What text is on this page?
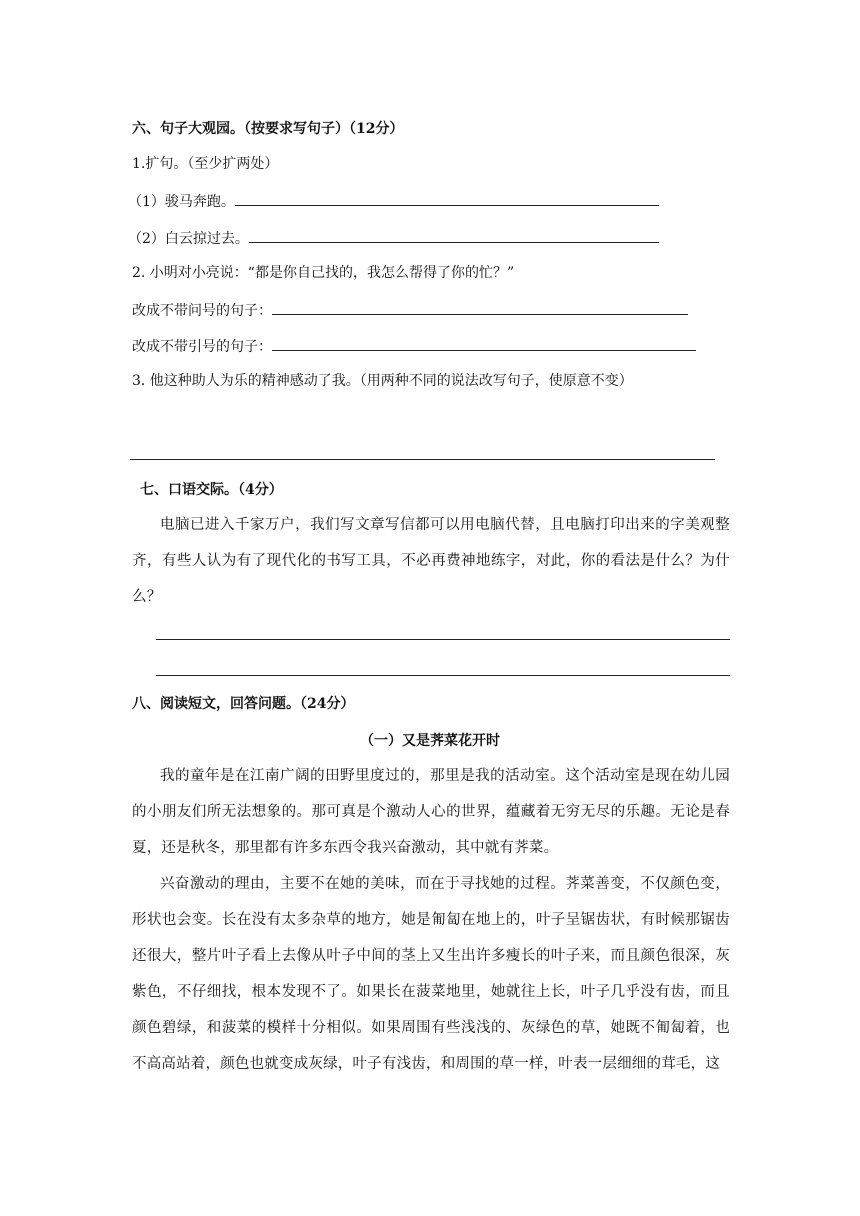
六、句子大观园。（按要求写句子）（12分）
1.扩句。（至少扩两处）
（1）骏马奔跑。
（2）白云掠过去。
2. 小明对小亮说：“都是你自己找的，我怎么帮得了你的忙？”
改成不带问号的句子：
改成不带引号的句子：
3. 他这种助人为乐的精神感动了我。（用两种不同的说法改写句子，使原意不变）
七、口语交际。（4分）
电脑已进入千家万户，我们写文章写信都可以用电脑代替，且电脑打印出来的字美观整齐，有些人认为有了现代化的书写工具，不必再费神地练字，对此，你的看法是什么？为什么？
八、阅读短文，回答问题。（24分）
（一）又是荠菜花开时
我的童年是在江南广阔的田野里度过的，那里是我的活动室。这个活动室是现在幼儿园的小朋友们所无法想象的。那可真是个激动人心的世界，蕴藏着无穷无尽的乐趣。无论是春夏，还是秋冬，那里都有许多东西令我兴奋激动，其中就有荠菜。
兴奋激动的理由，主要不在她的美味，而在于寻找她的过程。荠菜善变，不仅颜色变，形状也会变。长在没有太多杂草的地方，她是匍匐在地上的，叶子呈锯齿状，有时候那锯齿还很大，整片叶子看上去像从叶子中间的茎上又生出许多瘦长的叶子来，而且颜色很深，灰紫色，不仔细找，根本发现不了。如果长在菠菜地里，她就往上长，叶子几乎没有齿，而且颜色碧绿，和菠菜的模样十分相似。如果周围有些浅浅的、灰绿色的草，她既不匍匐着，也不高高站着，颜色也就变成灰绿，叶子有浅齿，和周围的草一样，叶表一层细细的茸毛，这
